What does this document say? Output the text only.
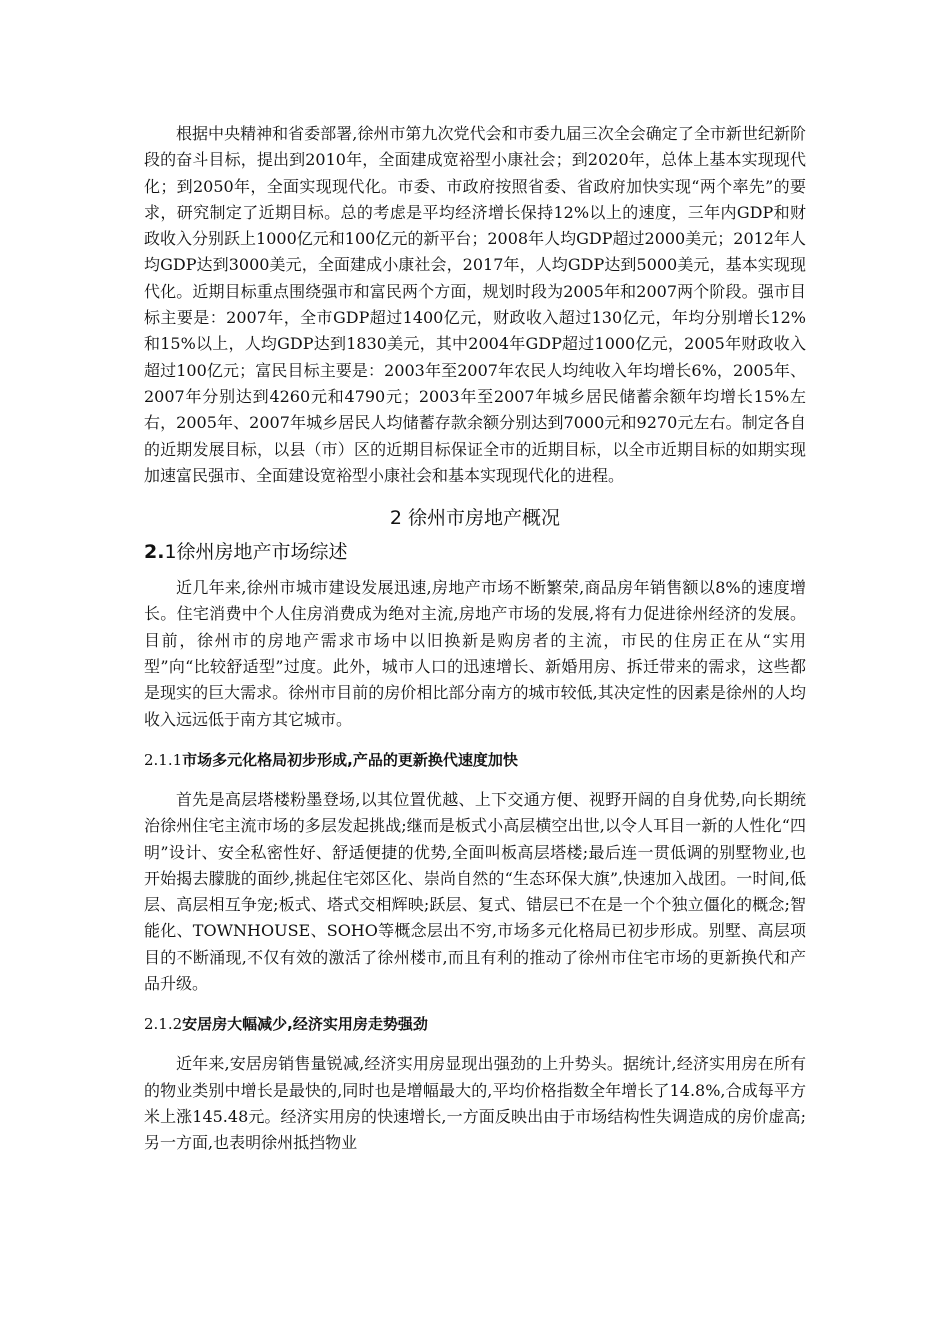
根据中央精神和省委部署,徐州市第九次党代会和市委九届三次全会确定了全市新世纪新阶段的奋斗目标，提出到2010年，全面建成宽裕型小康社会；到2020年，总体上基本实现现代化；到2050年，全面实现现代化。市委、市政府按照省委、省政府加快实现“两个率先”的要求，研究制定了近期目标。总的考虑是平均经济增长保持12%以上的速度，三年内GDP和财政收入分别跃上1000亿元和100亿元的新平台；2008年人均GDP超过2000美元；2012年人均GDP达到3000美元，全面建成小康社会，2017年，人均GDP达到5000美元，基本实现现代化。近期目标重点围绕强市和富民两个方面，规划时段为2005年和2007两个阶段。强市目标主要是：2007年，全市GDP超过1400亿元，财政收入超过130亿元，年均分别增长12%和15%以上，人均GDP达到1830美元，其中2004年GDP超过1000亿元，2005年财政收入超过100亿元；富民目标主要是：2003年至2007年农民人均纯收入年均增长6%，2005年、2007年分别达到4260元和4790元；2003年至2007年城乡居民储蓄余额年均增长15%左右，2005年、2007年城乡居民人均储蓄存款余额分别达到7000元和9270元左右。制定各自的近期发展目标，以县（市）区的近期目标保证全市的近期目标，以全市近期目标的如期实现加速富民强市、全面建设宽裕型小康社会和基本实现现代化的进程。

2 徐州市房地产概况
2.1徐州房地产市场综述

近几年来,徐州市城市建设发展迅速,房地产市场不断繁荣,商品房年销售额以8%的速度增长。住宅消费中个人住房消费成为绝对主流,房地产市场的发展,将有力促进徐州经济的发展。目前，徐州市的房地产需求市场中以旧换新是购房者的主流，市民的住房正在从“实用型”向“比较舒适型”过度。此外，城市人口的迅速增长、新婚用房、拆迁带来的需求，这些都是现实的巨大需求。徐州市目前的房价相比部分南方的城市较低,其决定性的因素是徐州的人均收入远远低于南方其它城市。

2.1.1市场多元化格局初步形成,产品的更新换代速度加快

首先是高层塔楼粉墨登场,以其位置优越、上下交通方便、视野开阔的自身优势,向长期统治徐州住宅主流市场的多层发起挑战;继而是板式小高层横空出世,以令人耳目一新的人性化“四明”设计、安全私密性好、舒适便捷的优势,全面叫板高层塔楼;最后连一贯低调的别墅物业,也开始揭去朦胧的面纱,挑起住宅郊区化、崇尚自然的“生态环保大旗”,快速加入战团。一时间,低层、高层相互争宠;板式、塔式交相辉映;跃层、复式、错层已不在是一个个独立僵化的概念;智能化、TOWNHOUSE、SOHO等概念层出不穷,市场多元化格局已初步形成。别墅、高层项目的不断涌现,不仅有效的激活了徐州楼市,而且有利的推动了徐州市住宅市场的更新换代和产品升级。

2.1.2安居房大幅减少,经济实用房走势强劲

近年来,安居房销售量锐减,经济实用房显现出强劲的上升势头。据统计,经济实用房在所有的物业类别中增长是最快的,同时也是增幅最大的,平均价格指数全年增长了14.8%,合成每平方米上涨145.48元。经济实用房的快速增长,一方面反映出由于市场结构性失调造成的房价虚高;另一方面,也表明徐州抵挡物业
